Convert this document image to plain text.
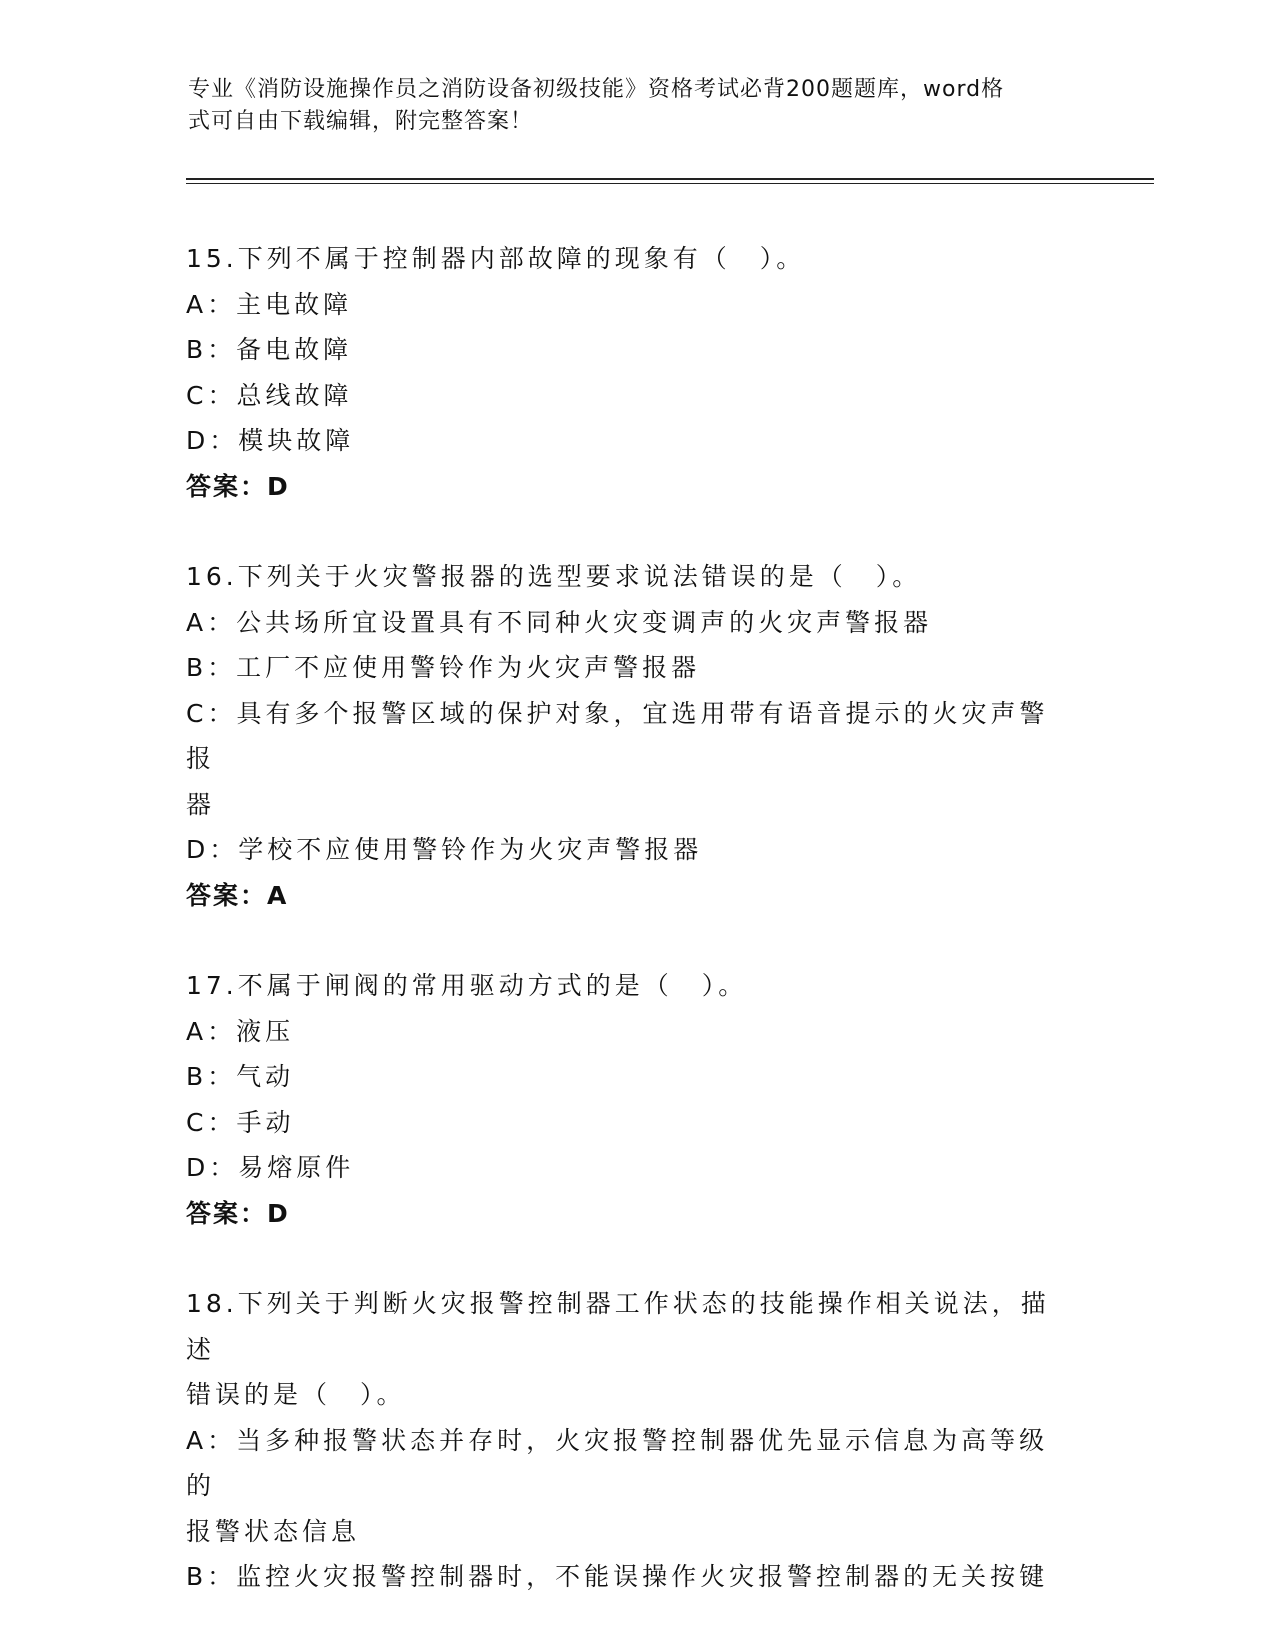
专业《消防设施操作员之消防设备初级技能》资格考试必背200题题库，word格
式可自由下载编辑，附完整答案！
15.下列不属于控制器内部故障的现象有（　）。
A：主电故障
B：备电故障
C：总线故障
D：模块故障
答案：D
16.下列关于火灾警报器的选型要求说法错误的是（　）。
A：公共场所宜设置具有不同种火灾变调声的火灾声警报器
B：工厂不应使用警铃作为火灾声警报器
C：具有多个报警区域的保护对象，宜选用带有语音提示的火灾声警报
器
D：学校不应使用警铃作为火灾声警报器
答案：A
17.不属于闸阀的常用驱动方式的是（　）。
A：液压
B：气动
C：手动
D：易熔原件
答案：D
18.下列关于判断火灾报警控制器工作状态的技能操作相关说法，描述
错误的是（　）。
A：当多种报警状态并存时，火灾报警控制器优先显示信息为高等级的
报警状态信息
B：监控火灾报警控制器时，不能误操作火灾报警控制器的无关按键
